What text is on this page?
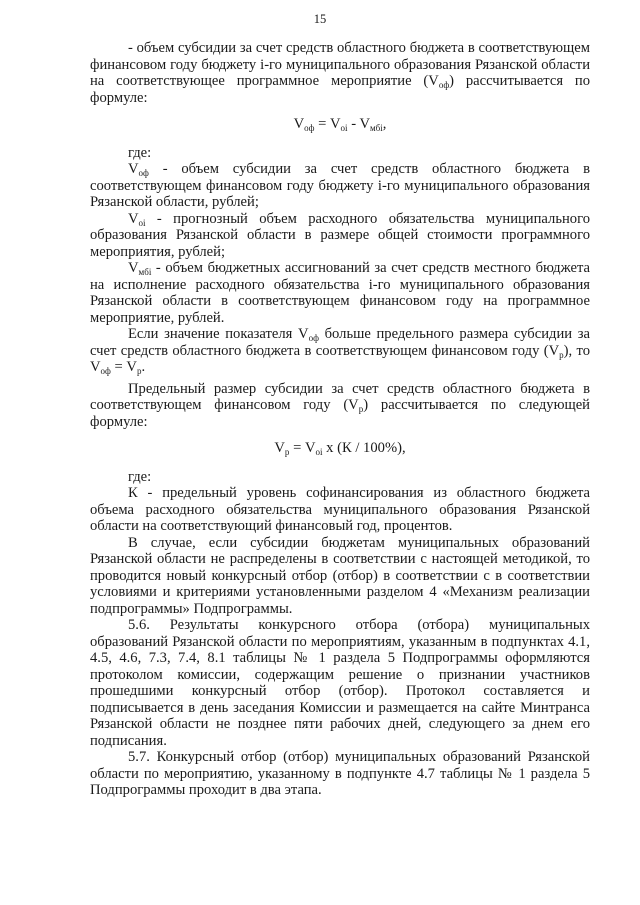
15

- объем субсидии за счет средств областного бюджета в соответствующем финансовом году бюджету i-го муниципального образования Рязанской области на соответствующее программное мероприятие $(V_{оф})$ рассчитывается по формуле:

$V_{оф} = V_{oi} - V_{мбi}$,

где:

$V_{оф}$ - объем субсидии за счет средств областного бюджета в соответствующем финансовом году бюджету i-го муниципального образования Рязанской области, рублей;

$V_{oi}$ - прогнозный объем расходного обязательства муниципального образования Рязанской области в размере общей стоимости программного мероприятия, рублей;

$V_{мбi}$ - объем бюджетных ассигнований за счет средств местного бюджета на исполнение расходного обязательства i-го муниципального образования Рязанской области в соответствующем финансовом году на программное мероприятие, рублей.

Если значение показателя $V_{оф}$ больше предельного размера субсидии за счет средств областного бюджета в соответствующем финансовом году $(V_р)$, то $V_{оф} = V_р$.

Предельный размер субсидии за счет средств областного бюджета в соответствующем финансовом году $(V_р)$ рассчитывается по следующей формуле:

$V_р = V_{oi}$ х (К / 100%),

где:

К - предельный уровень софинансирования из областного бюджета объема расходного обязательства муниципального образования Рязанской области на соответствующий финансовый год, процентов.

В случае, если субсидии бюджетам муниципальных образований Рязанской области не распределены в соответствии с настоящей методикой, то проводится новый конкурсный отбор (отбор) в соответствии с в соответствии условиями и критериями установленными разделом 4 «Механизм реализации подпрограммы» Подпрограммы.

5.6. Результаты конкурсного отбора (отбора) муниципальных образований Рязанской области по мероприятиям, указанным в подпунктах 4.1, 4.5, 4.6, 7.3, 7.4, 8.1 таблицы № 1 раздела 5 Подпрограммы оформляются протоколом комиссии, содержащим решение о признании участников прошедшими конкурсный отбор (отбор). Протокол составляется и подписывается в день заседания Комиссии и размещается на сайте Минтранса Рязанской области не позднее пяти рабочих дней, следующего за днем его подписания.

5.7. Конкурсный отбор (отбор) муниципальных образований Рязанской области по мероприятию, указанному в подпункте 4.7 таблицы № 1 раздела 5 Подпрограммы проходит в два этапа.
